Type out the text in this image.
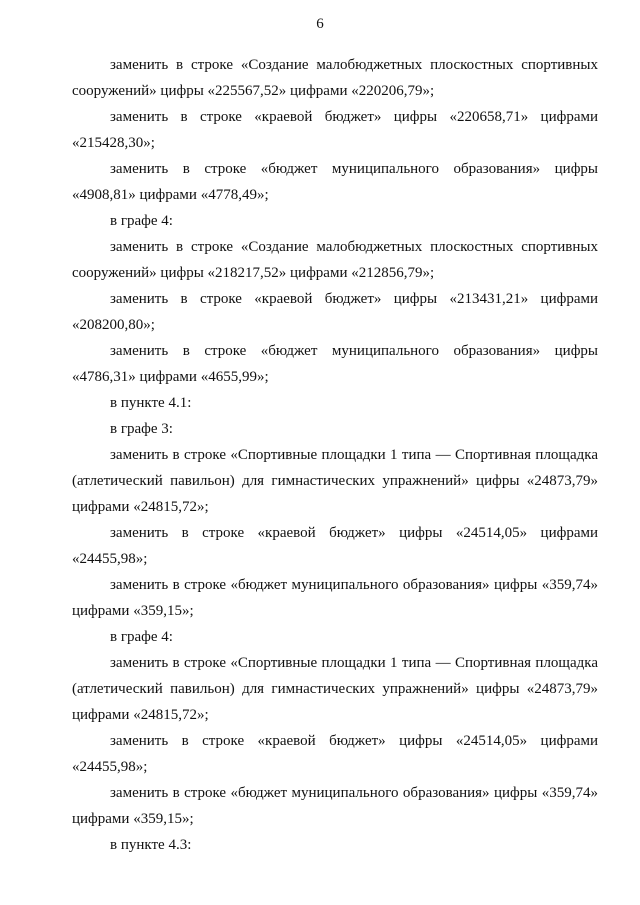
6

заменить в строке «Создание малобюджетных плоскостных спортивных сооружений» цифры «225567,52» цифрами «220206,79»;

заменить в строке «краевой бюджет» цифры «220658,71» цифрами «215428,30»;

заменить в строке «бюджет муниципального образования» цифры «4908,81» цифрами «4778,49»;

в графе 4:

заменить в строке «Создание малобюджетных плоскостных спортивных сооружений» цифры «218217,52» цифрами «212856,79»;

заменить в строке «краевой бюджет» цифры «213431,21» цифрами «208200,80»;

заменить в строке «бюджет муниципального образования» цифры «4786,31» цифрами «4655,99»;

в пункте 4.1:

в графе 3:

заменить в строке «Спортивные площадки 1 типа — Спортивная площадка (атлетический павильон) для гимнастических упражнений» цифры «24873,79» цифрами «24815,72»;

заменить в строке «краевой бюджет» цифры «24514,05» цифрами «24455,98»;

заменить в строке «бюджет муниципального образования» цифры «359,74» цифрами «359,15»;

в графе 4:

заменить в строке «Спортивные площадки 1 типа — Спортивная площадка (атлетический павильон) для гимнастических упражнений» цифры «24873,79» цифрами «24815,72»;

заменить в строке «краевой бюджет» цифры «24514,05» цифрами «24455,98»;

заменить в строке «бюджет муниципального образования» цифры «359,74» цифрами «359,15»;

в пункте 4.3:
